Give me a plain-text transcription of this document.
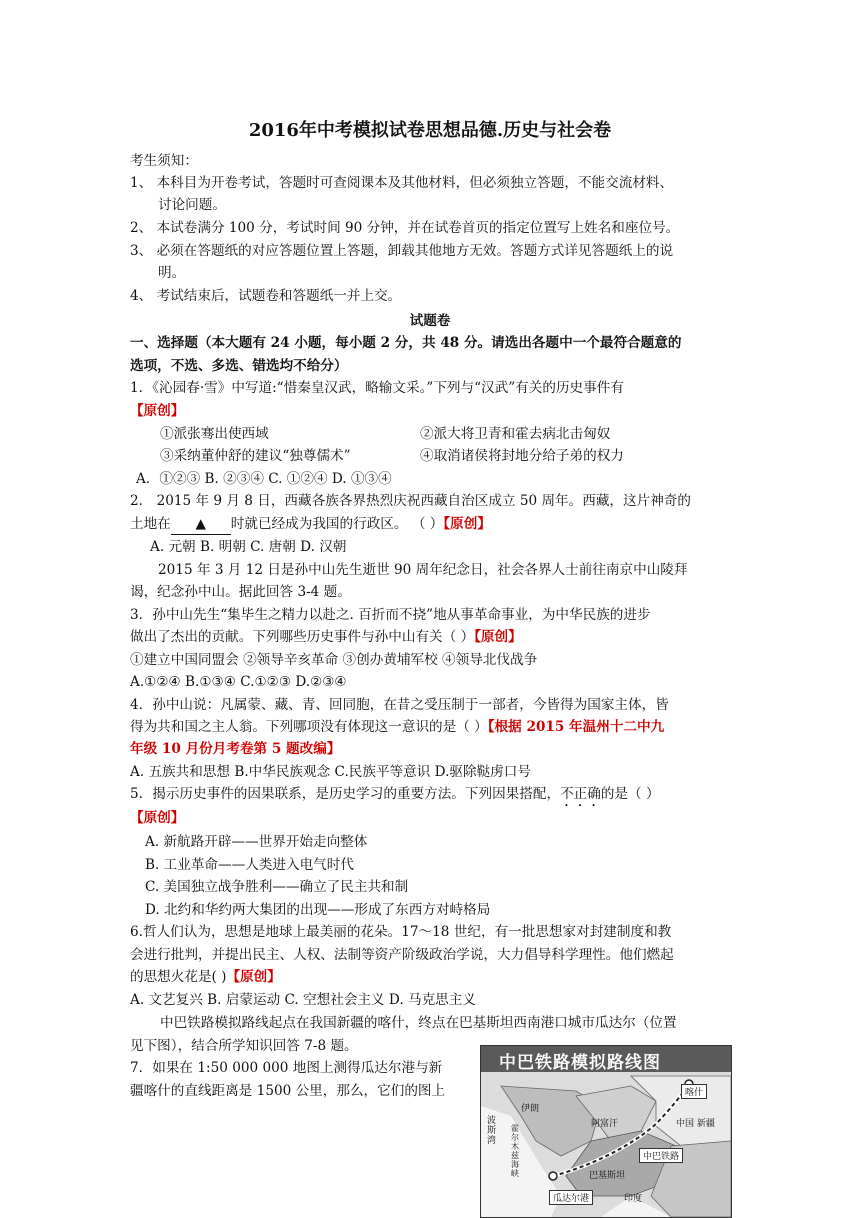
2016年中考模拟试卷思想品德.历史与社会卷
考生须知：
1、 本科目为开卷考试，答题时可查阅课本及其他材料，但必须独立答题，不能交流材料、
讨论问题。
2、 本试卷满分 100 分，考试时间 90 分钟，并在试卷首页的指定位置写上姓名和座位号。
3、 必须在答题纸的对应答题位置上答题，卸载其他地方无效。答题方式详见答题纸上的说
明。
4、 考试结束后，试题卷和答题纸一并上交。
试题卷
一、选择题（本大题有 24 小题，每小题 2 分，共 48 分。请选出各题中一个最符合题意的
选项，不选、多选、错选均不给分）
1．《沁园春·雪》中写道:“惜秦皇汉武，略输文采。”下列与“汉武”有关的历史事件有
【原创】
①派张骞出使西域	②派大将卫青和霍去病北击匈奴
③采纳董仲舒的建议“独尊儒术”	④取消诸侯将封地分给子弟的权力
A．①②③ B. ②③④ C. ①②④ D. ①③④
2． 2015 年 9 月 8 日，西藏各族各界热烈庆祝西藏自治区成立 50 周年。西藏，这片神奇的
土地在 ▲ 时就已经成为我国的行政区。 （ ）【原创】
A. 元朝 B. 明朝 C. 唐朝 D. 汉朝
2015 年 3 月 12 日是孙中山先生逝世 90 周年纪念日，社会各界人士前往南京中山陵拜
谒，纪念孙中山。据此回答 3-4 题。
3．孙中山先生“集毕生之精力以赴之. 百折而不挠”地从事革命事业，为中华民族的进步
做出了杰出的贡献。下列哪些历史事件与孙中山有关（ ）【原创】
①建立中国同盟会 ②领导辛亥革命 ③创办黄埔军校 ④领导北伐战争
A.①②④ B.①③④ C.①②③ D.②③④
4．孙中山说：凡属蒙、藏、青、回同胞，在昔之受压制于一部者，今皆得为国家主体，皆
得为共和国之主人翁。下列哪项没有体现这一意识的是（ ）【根据 2015 年温州十二中九
年级 10 月份月考卷第 5 题改编】
A. 五族共和思想 B.中华民族观念 C.民族平等意识 D.驱除鞑虏口号
5．揭示历史事件的因果联系，是历史学习的重要方法。下列因果搭配，不正确的是（ ）
【原创】
A. 新航路开辟——世界开始走向整体
B. 工业革命——人类进入电气时代
C. 美国独立战争胜利——确立了民主共和制
D. 北约和华约两大集团的出现——形成了东西方对峙格局
6.哲人们认为，思想是地球上最美丽的花朵。17～18 世纪，有一批思想家对封建制度和教
会进行批判，并提出民主、人权、法制等资产阶级政治学说，大力倡导科学理性。他们燃起
的思想火花是( )【原创】
A. 文艺复兴 B. 启蒙运动 C. 空想社会主义 D. 马克思主义
中巴铁路模拟路线起点在我国新疆的喀什，终点在巴基斯坦西南港口城市瓜达尔（位置
见下图），结合所学知识回答 7-8 题。
7．如果在 1:50 000 000 地图上测得瓜达尔港与新
疆喀什的直线距离是 1500 公里，那么，它们的图上
中巴铁路模拟路线图
喀什
伊朗
阿富汗	中国 新疆
中巴铁路
巴基斯坦
印度
瓜达尔港
波斯湾
霍尔木兹海峡
